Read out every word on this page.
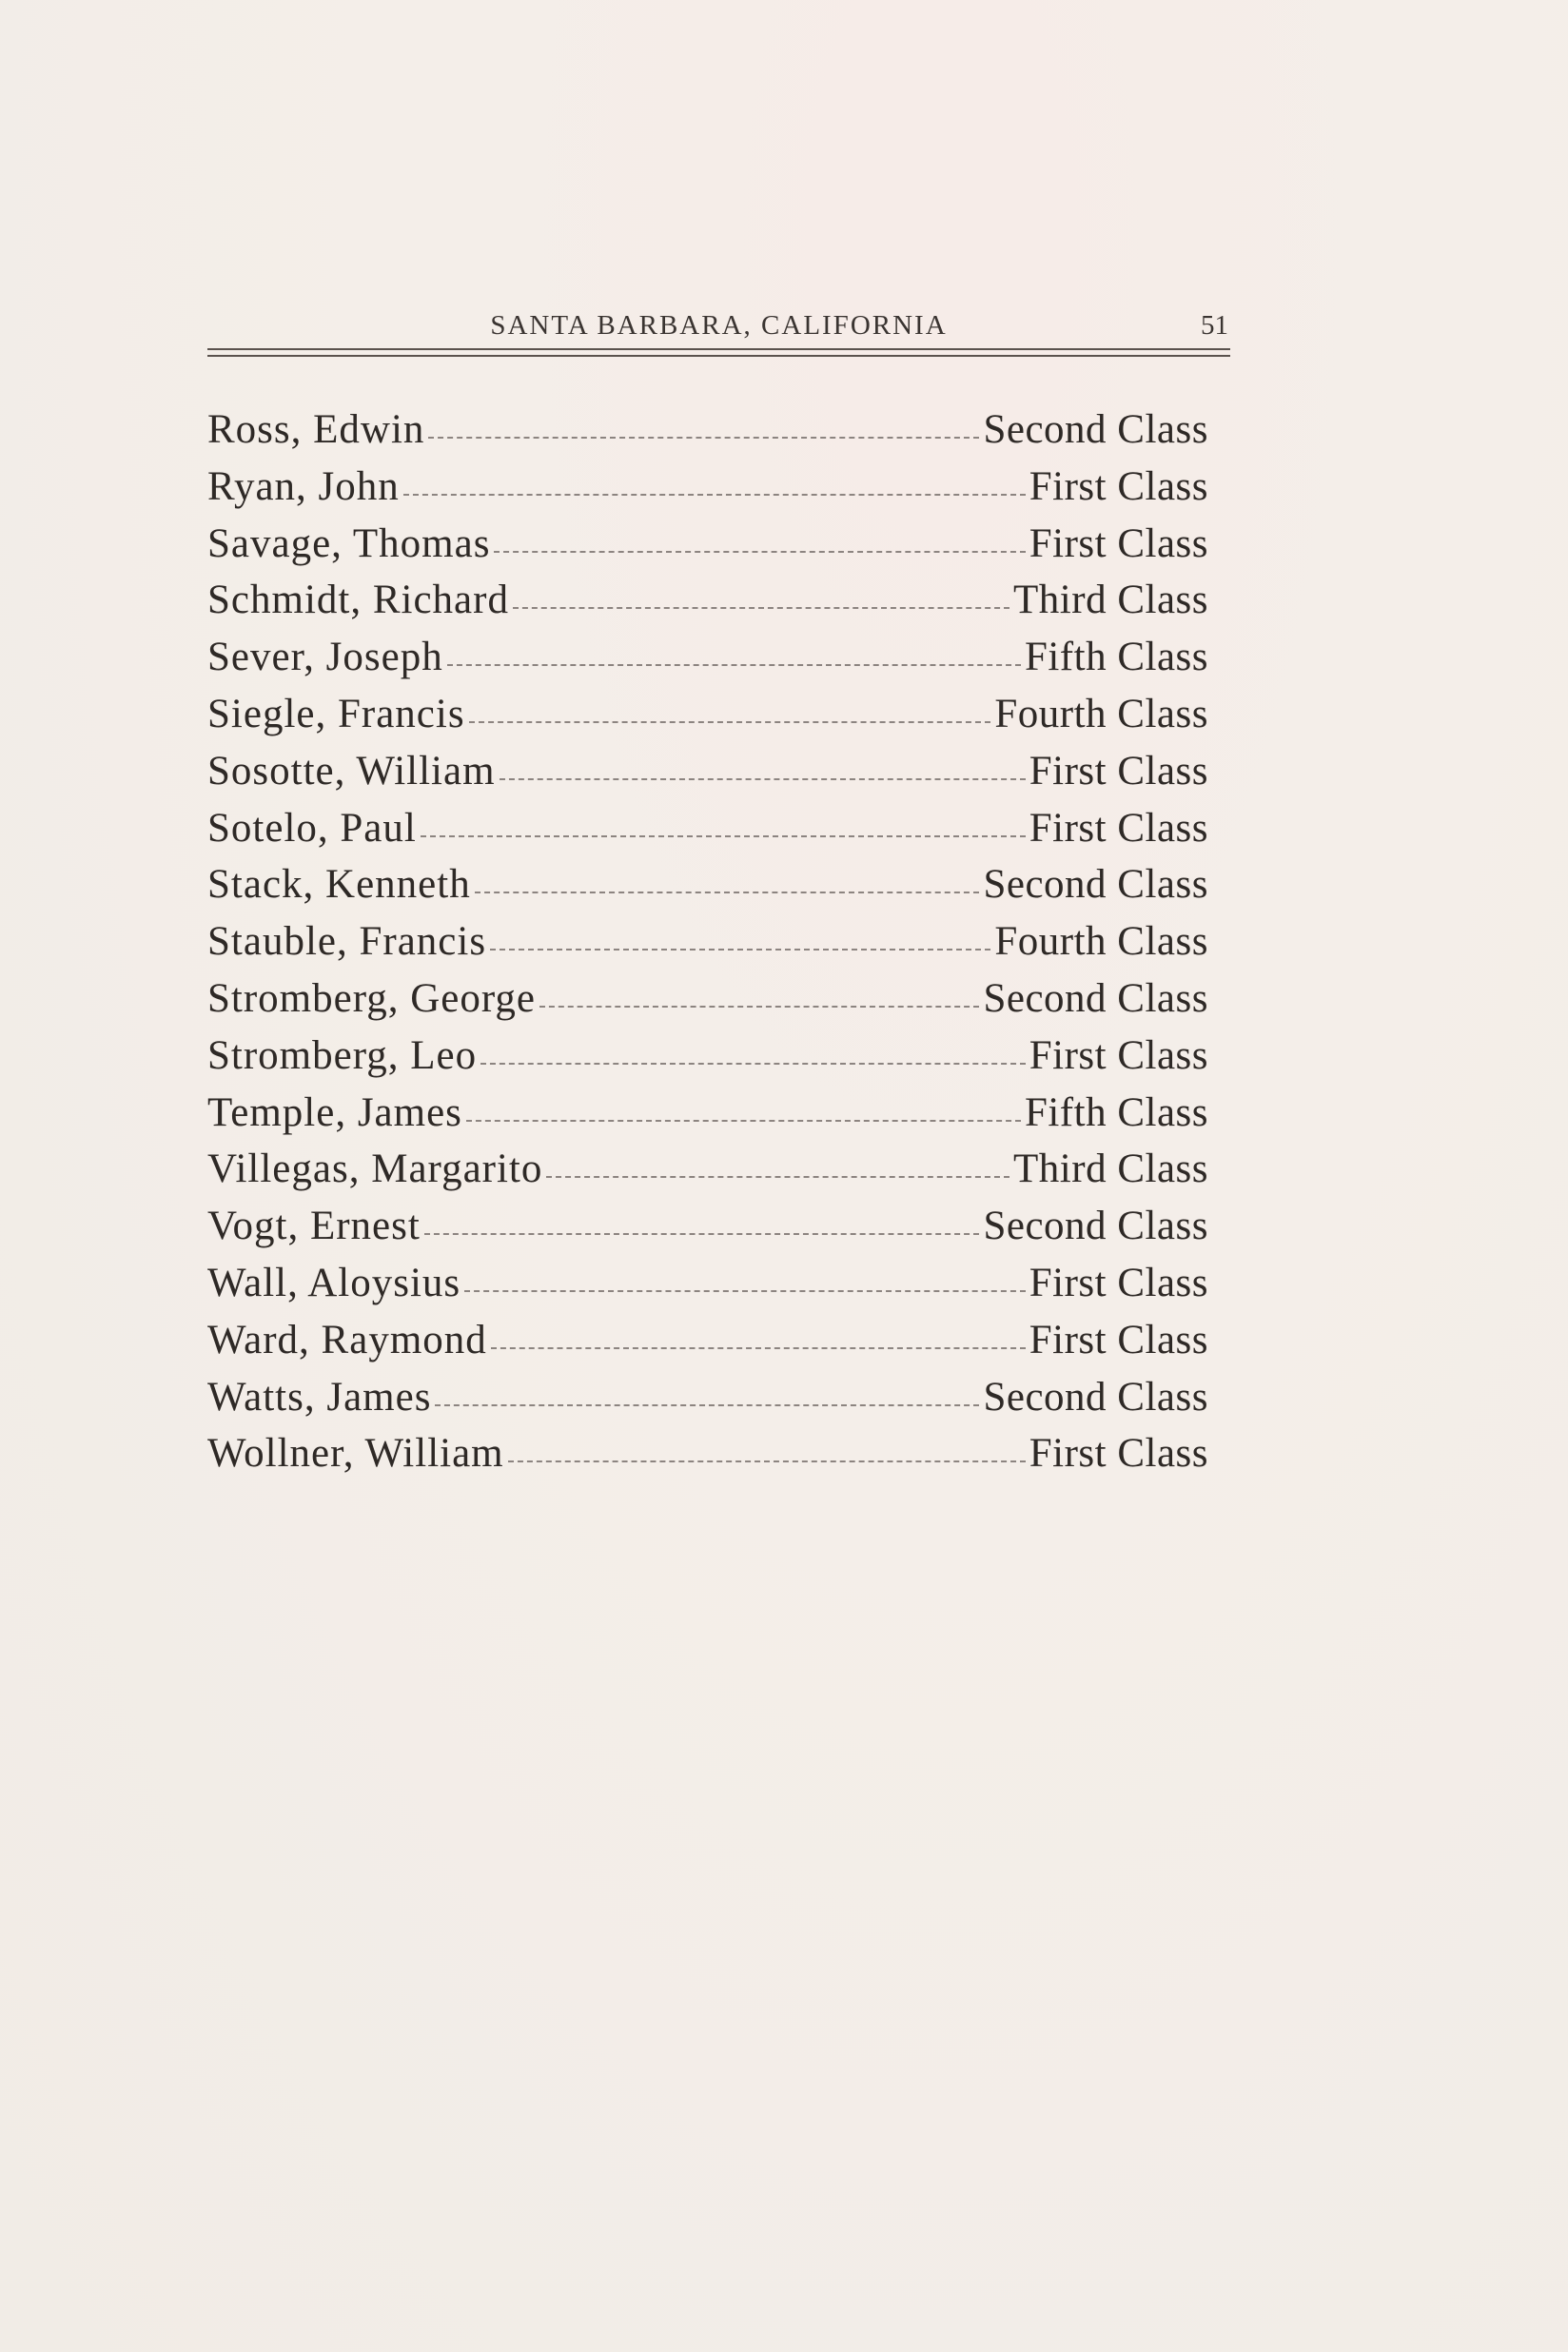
SANTA BARBARA, CALIFORNIA	51
Ross, Edwin	Second Class
Ryan, John	First Class
Savage, Thomas	First Class
Schmidt, Richard	Third Class
Sever, Joseph	Fifth Class
Siegle, Francis	Fourth Class
Sosotte, William	First Class
Sotelo, Paul	First Class
Stack, Kenneth	Second Class
Stauble, Francis	Fourth Class
Stromberg, George	Second Class
Stromberg, Leo	First Class
Temple, James	Fifth Class
Villegas, Margarito	Third Class
Vogt, Ernest	Second Class
Wall, Aloysius	First Class
Ward, Raymond	First Class
Watts, James	Second Class
Wollner, William	First Class
